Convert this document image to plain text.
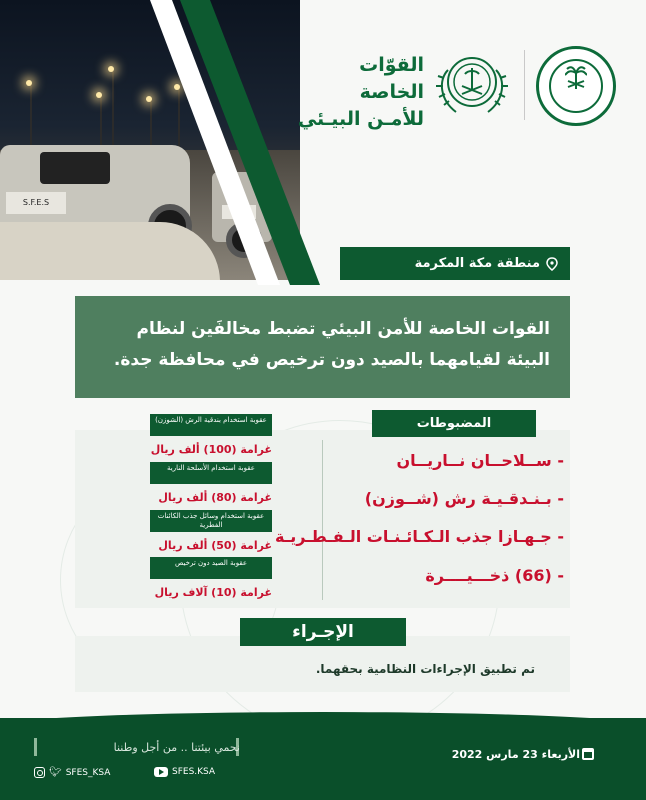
S.F.E.S
القوّات الخاصة
للأمـن البيـئي
منطقة مكة المكرمة
القوات الخاصة للأمن البيئي تضبط مخالفَين لنظام البيئة لقيامهما بالصيد دون ترخيص في محافظة جدة.
المضبوطات
- ســلاحــان نــاريــان
- بـنـدقـيـة رش (شــوزن)
- جـهـازا جذب الـكـائـنـات الـفـطـريـة
- (66) ذخـــيــــرة
عقوبة استخدام بندقية الرش (الشوزن)
غرامة (100) ألف ريال
عقوبة استخدام الأسلحة النارية
غرامة (80) ألف ريال
عقوبة استخدام وسائل جذب الكائنات الفطرية
غرامة (50) ألف ريال
عقوبة الصيد دون ترخيص
غرامة (10) آلاف ريال
الإجـراء
تم تطبيق الإجراءات النظامية بحقهما.
نحمي بيئتنا .. من أجل وطننا
الأربعاء 23 مارس 2022
🐦︎ SFES_KSA	SFES.KSA
